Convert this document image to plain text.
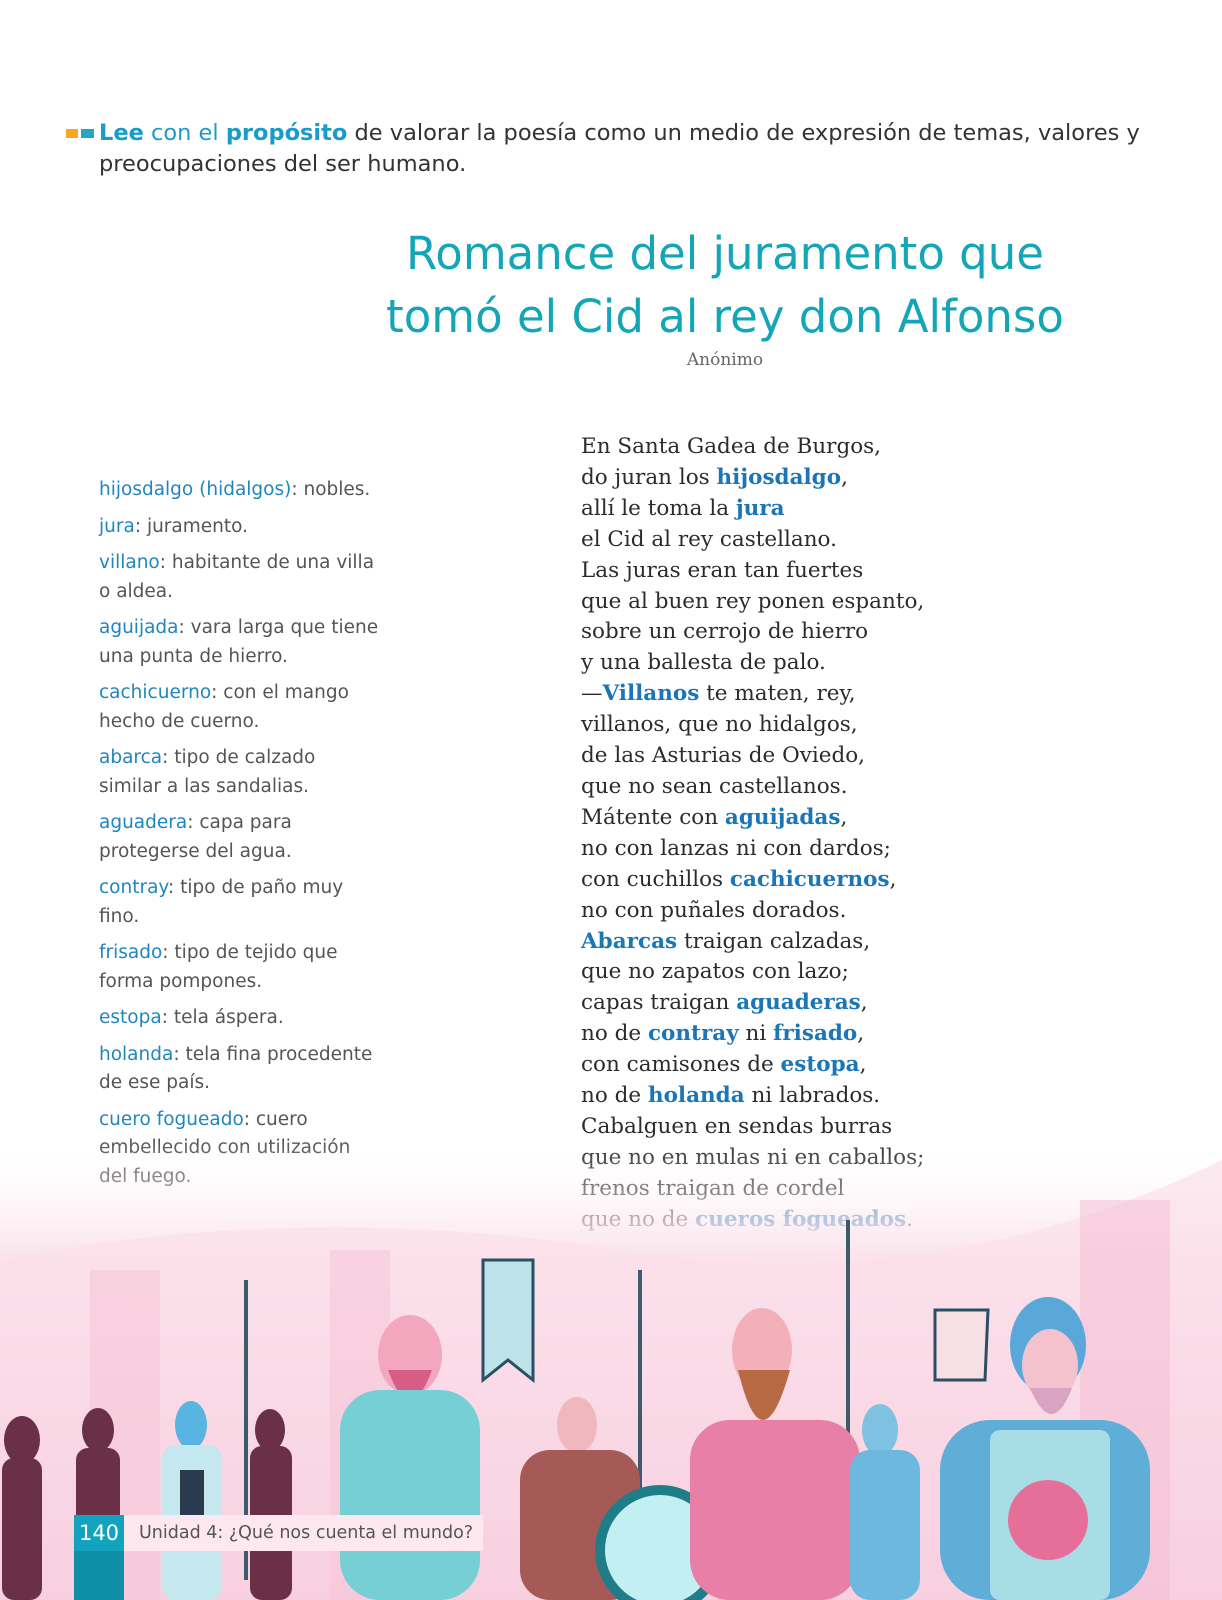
Lee con el propósito de valorar la poesía como un medio de expresión de temas, valores y preocupaciones del ser humano.
Romance del juramento que
tomó el Cid al rey don Alfonso
Anónimo
hijosdalgo (hidalgos): nobles.
jura: juramento.
villano: habitante de una villa o aldea.
aguijada: vara larga que tiene una punta de hierro.
cachicuerno: con el mango hecho de cuerno.
abarca: tipo de calzado similar a las sandalias.
aguadera: capa para protegerse del agua.
contray: tipo de paño muy fino.
frisado: tipo de tejido que forma pompones.
estopa: tela áspera.
holanda: tela fina procedente de ese país.
cuero fogueado: cuero
En Santa Gadea de Burgos,
do juran los hijosdalgo,
allí le toma la jura
el Cid al rey castellano.
Las juras eran tan fuertes
que al buen rey ponen espanto,
sobre un cerrojo de hierro
y una ballesta de palo.
—Villanos te maten, rey,
villanos, que no hidalgos,
de las Asturias de Oviedo,
que no sean castellanos.
Mátente con aguijadas,
no con lanzas ni con dardos;
con cuchillos cachicuernos,
no con puñales dorados.
Abarcas traigan calzadas,
que no zapatos con lazo;
capas traigan aguaderas,
no de contray ni frisado,
con camisones de estopa,
no de holanda ni labrados.
Cabalguen en sendas burras
140	Unidad 4: ¿Qué nos cuenta el mundo?
